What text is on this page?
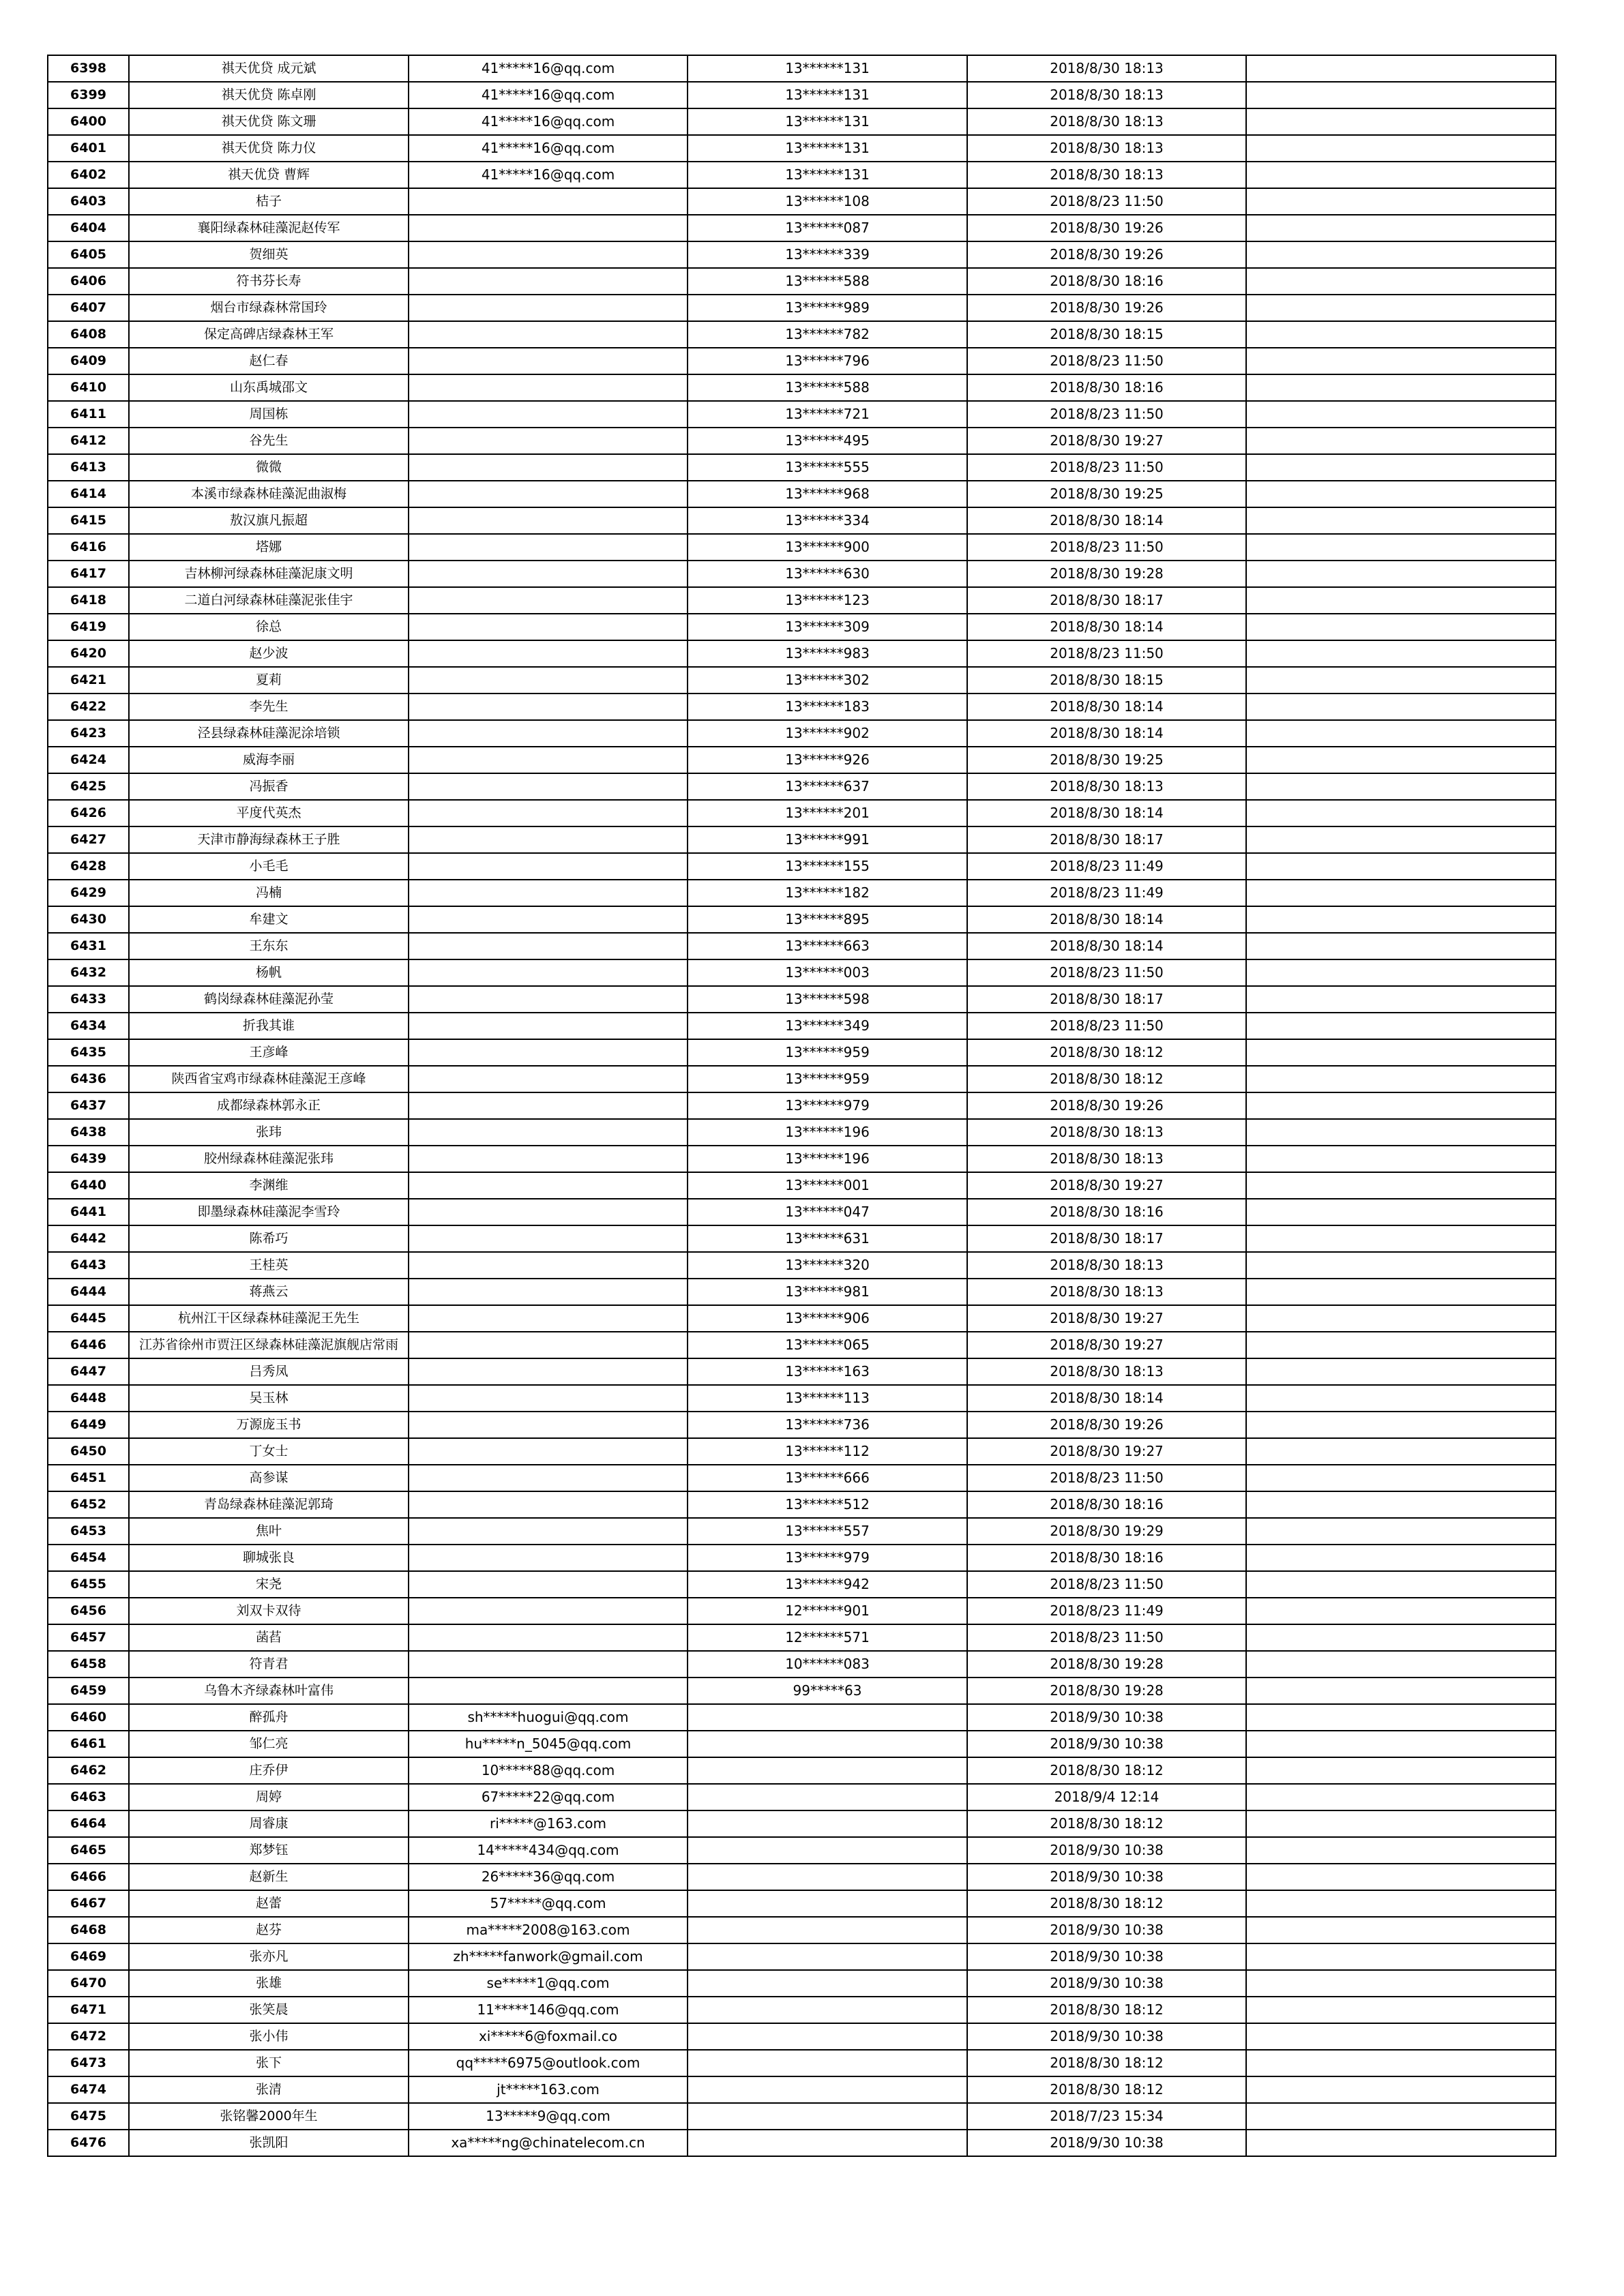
6398	祺天优贷 成元斌	41*****16@qq.com	13******131	2018/8/30 18:13	
6399	祺天优贷 陈卓刚	41*****16@qq.com	13******131	2018/8/30 18:13	
6400	祺天优贷 陈文珊	41*****16@qq.com	13******131	2018/8/30 18:13	
6401	祺天优贷 陈力仪	41*****16@qq.com	13******131	2018/8/30 18:13	
6402	祺天优贷 曹辉	41*****16@qq.com	13******131	2018/8/30 18:13	
6403	桔子		13******108	2018/8/23 11:50	
6404	襄阳绿森林硅藻泥赵传军		13******087	2018/8/30 19:26	
6405	贺细英		13******339	2018/8/30 19:26	
6406	符书芬长寿		13******588	2018/8/30 18:16	
6407	烟台市绿森林常国玲		13******989	2018/8/30 19:26	
6408	保定高碑店绿森林王军		13******782	2018/8/30 18:15	
6409	赵仁春		13******796	2018/8/23 11:50	
6410	山东禹城邵文		13******588	2018/8/30 18:16	
6411	周国栋		13******721	2018/8/23 11:50	
6412	谷先生		13******495	2018/8/30 19:27	
6413	微微		13******555	2018/8/23 11:50	
6414	本溪市绿森林硅藻泥曲淑梅		13******968	2018/8/30 19:25	
6415	敖汉旗凡振超		13******334	2018/8/30 18:14	
6416	塔娜		13******900	2018/8/23 11:50	
6417	吉林柳河绿森林硅藻泥康文明		13******630	2018/8/30 19:28	
6418	二道白河绿森林硅藻泥张佳宇		13******123	2018/8/30 18:17	
6419	徐总		13******309	2018/8/30 18:14	
6420	赵少波		13******983	2018/8/23 11:50	
6421	夏莉		13******302	2018/8/30 18:15	
6422	李先生		13******183	2018/8/30 18:14	
6423	泾县绿森林硅藻泥涂培锁		13******902	2018/8/30 18:14	
6424	威海李丽		13******926	2018/8/30 19:25	
6425	冯振香		13******637	2018/8/30 18:13	
6426	平度代英杰		13******201	2018/8/30 18:14	
6427	天津市静海绿森林王子胜		13******991	2018/8/30 18:17	
6428	小毛毛		13******155	2018/8/23 11:49	
6429	冯楠		13******182	2018/8/23 11:49	
6430	牟建文		13******895	2018/8/30 18:14	
6431	王东东		13******663	2018/8/30 18:14	
6432	杨帆		13******003	2018/8/23 11:50	
6433	鹤岗绿森林硅藻泥孙莹		13******598	2018/8/30 18:17	
6434	折我其谁		13******349	2018/8/23 11:50	
6435	王彦峰		13******959	2018/8/30 18:12	
6436	陕西省宝鸡市绿森林硅藻泥王彦峰		13******959	2018/8/30 18:12	
6437	成都绿森林郭永正		13******979	2018/8/30 19:26	
6438	张玮		13******196	2018/8/30 18:13	
6439	胶州绿森林硅藻泥张玮		13******196	2018/8/30 18:13	
6440	李渊维		13******001	2018/8/30 19:27	
6441	即墨绿森林硅藻泥李雪玲		13******047	2018/8/30 18:16	
6442	陈希巧		13******631	2018/8/30 18:17	
6443	王桂英		13******320	2018/8/30 18:13	
6444	蒋燕云		13******981	2018/8/30 18:13	
6445	杭州江干区绿森林硅藻泥王先生		13******906	2018/8/30 19:27	
6446	江苏省徐州市贾汪区绿森林硅藻泥旗舰店常雨		13******065	2018/8/30 19:27	
6447	吕秀凤		13******163	2018/8/30 18:13	
6448	吴玉林		13******113	2018/8/30 18:14	
6449	万源庞玉书		13******736	2018/8/30 19:26	
6450	丁女士		13******112	2018/8/30 19:27	
6451	高参谋		13******666	2018/8/23 11:50	
6452	青岛绿森林硅藻泥郭琦		13******512	2018/8/30 18:16	
6453	焦叶		13******557	2018/8/30 19:29	
6454	聊城张良		13******979	2018/8/30 18:16	
6455	宋尧		13******942	2018/8/23 11:50	
6456	刘双卡双待		12******901	2018/8/23 11:49	
6457	菡萏		12******571	2018/8/23 11:50	
6458	符青君		10******083	2018/8/30 19:28	
6459	乌鲁木齐绿森林叶富伟		99*****63	2018/8/30 19:28	
6460	醉孤舟	sh*****huogui@qq.com		2018/9/30 10:38	
6461	邹仁亮	hu*****n_5045@qq.com		2018/9/30 10:38	
6462	庄乔伊	10*****88@qq.com		2018/8/30 18:12	
6463	周婷	67*****22@qq.com		2018/9/4 12:14	
6464	周睿康	ri*****@163.com		2018/8/30 18:12	
6465	郑梦钰	14*****434@qq.com		2018/9/30 10:38	
6466	赵新生	26*****36@qq.com		2018/9/30 10:38	
6467	赵蕾	57*****@qq.com		2018/8/30 18:12	
6468	赵芬	ma*****2008@163.com		2018/9/30 10:38	
6469	张亦凡	zh*****fanwork@gmail.com		2018/9/30 10:38	
6470	张雄	se*****1@qq.com		2018/9/30 10:38	
6471	张笑晨	11*****146@qq.com		2018/8/30 18:12	
6472	张小伟	xi*****6@foxmail.co		2018/9/30 10:38	
6473	张下	qq*****6975@outlook.com		2018/8/30 18:12	
6474	张清	jt*****163.com		2018/8/30 18:12	
6475	张铭馨2000年生	13*****9@qq.com		2018/7/23 15:34	
6476	张凯阳	xa*****ng@chinatelecom.cn		2018/9/30 10:38	
